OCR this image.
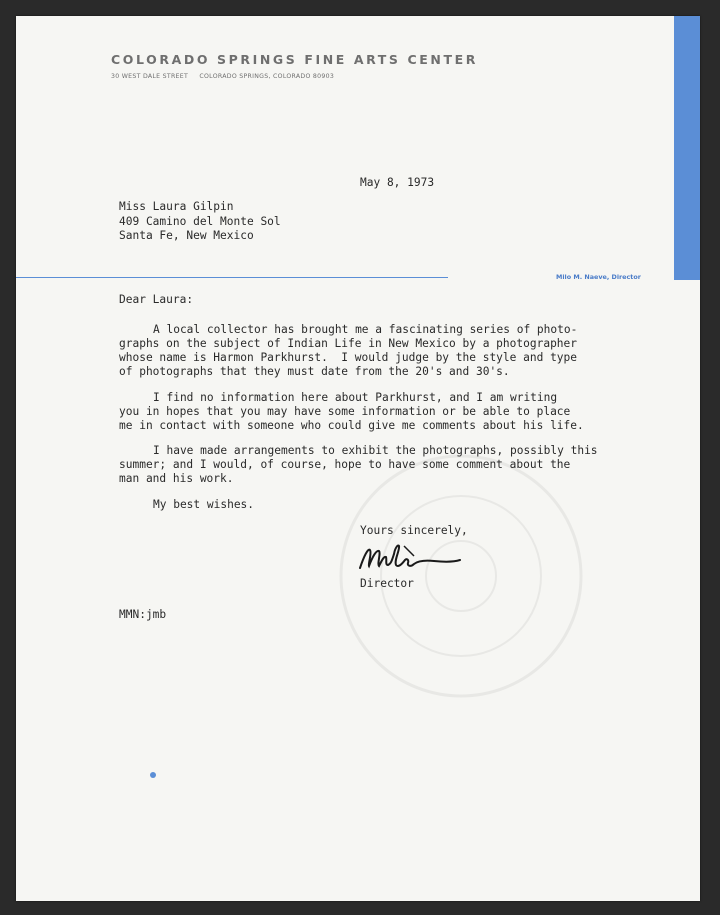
COLORADO SPRINGS FINE ARTS CENTER
30 WEST DALE STREET     COLORADO SPRINGS, COLORADO 80903
Milo M. Naeve, Director
May 8, 1973
Miss Laura Gilpin
409 Camino del Monte Sol
Santa Fe, New Mexico
Dear Laura:
A local collector has brought me a fascinating series of photo-
graphs on the subject of Indian Life in New Mexico by a photographer
whose name is Harmon Parkhurst.  I would judge by the style and type
of photographs that they must date from the 20's and 30's.
I find no information here about Parkhurst, and I am writing
you in hopes that you may have some information or be able to place
me in contact with someone who could give me comments about his life.
I have made arrangements to exhibit the photographs, possibly this
summer; and I would, of course, hope to have some comment about the
man and his work.
My best wishes.
Yours sincerely,
Director
MMN:jmb
